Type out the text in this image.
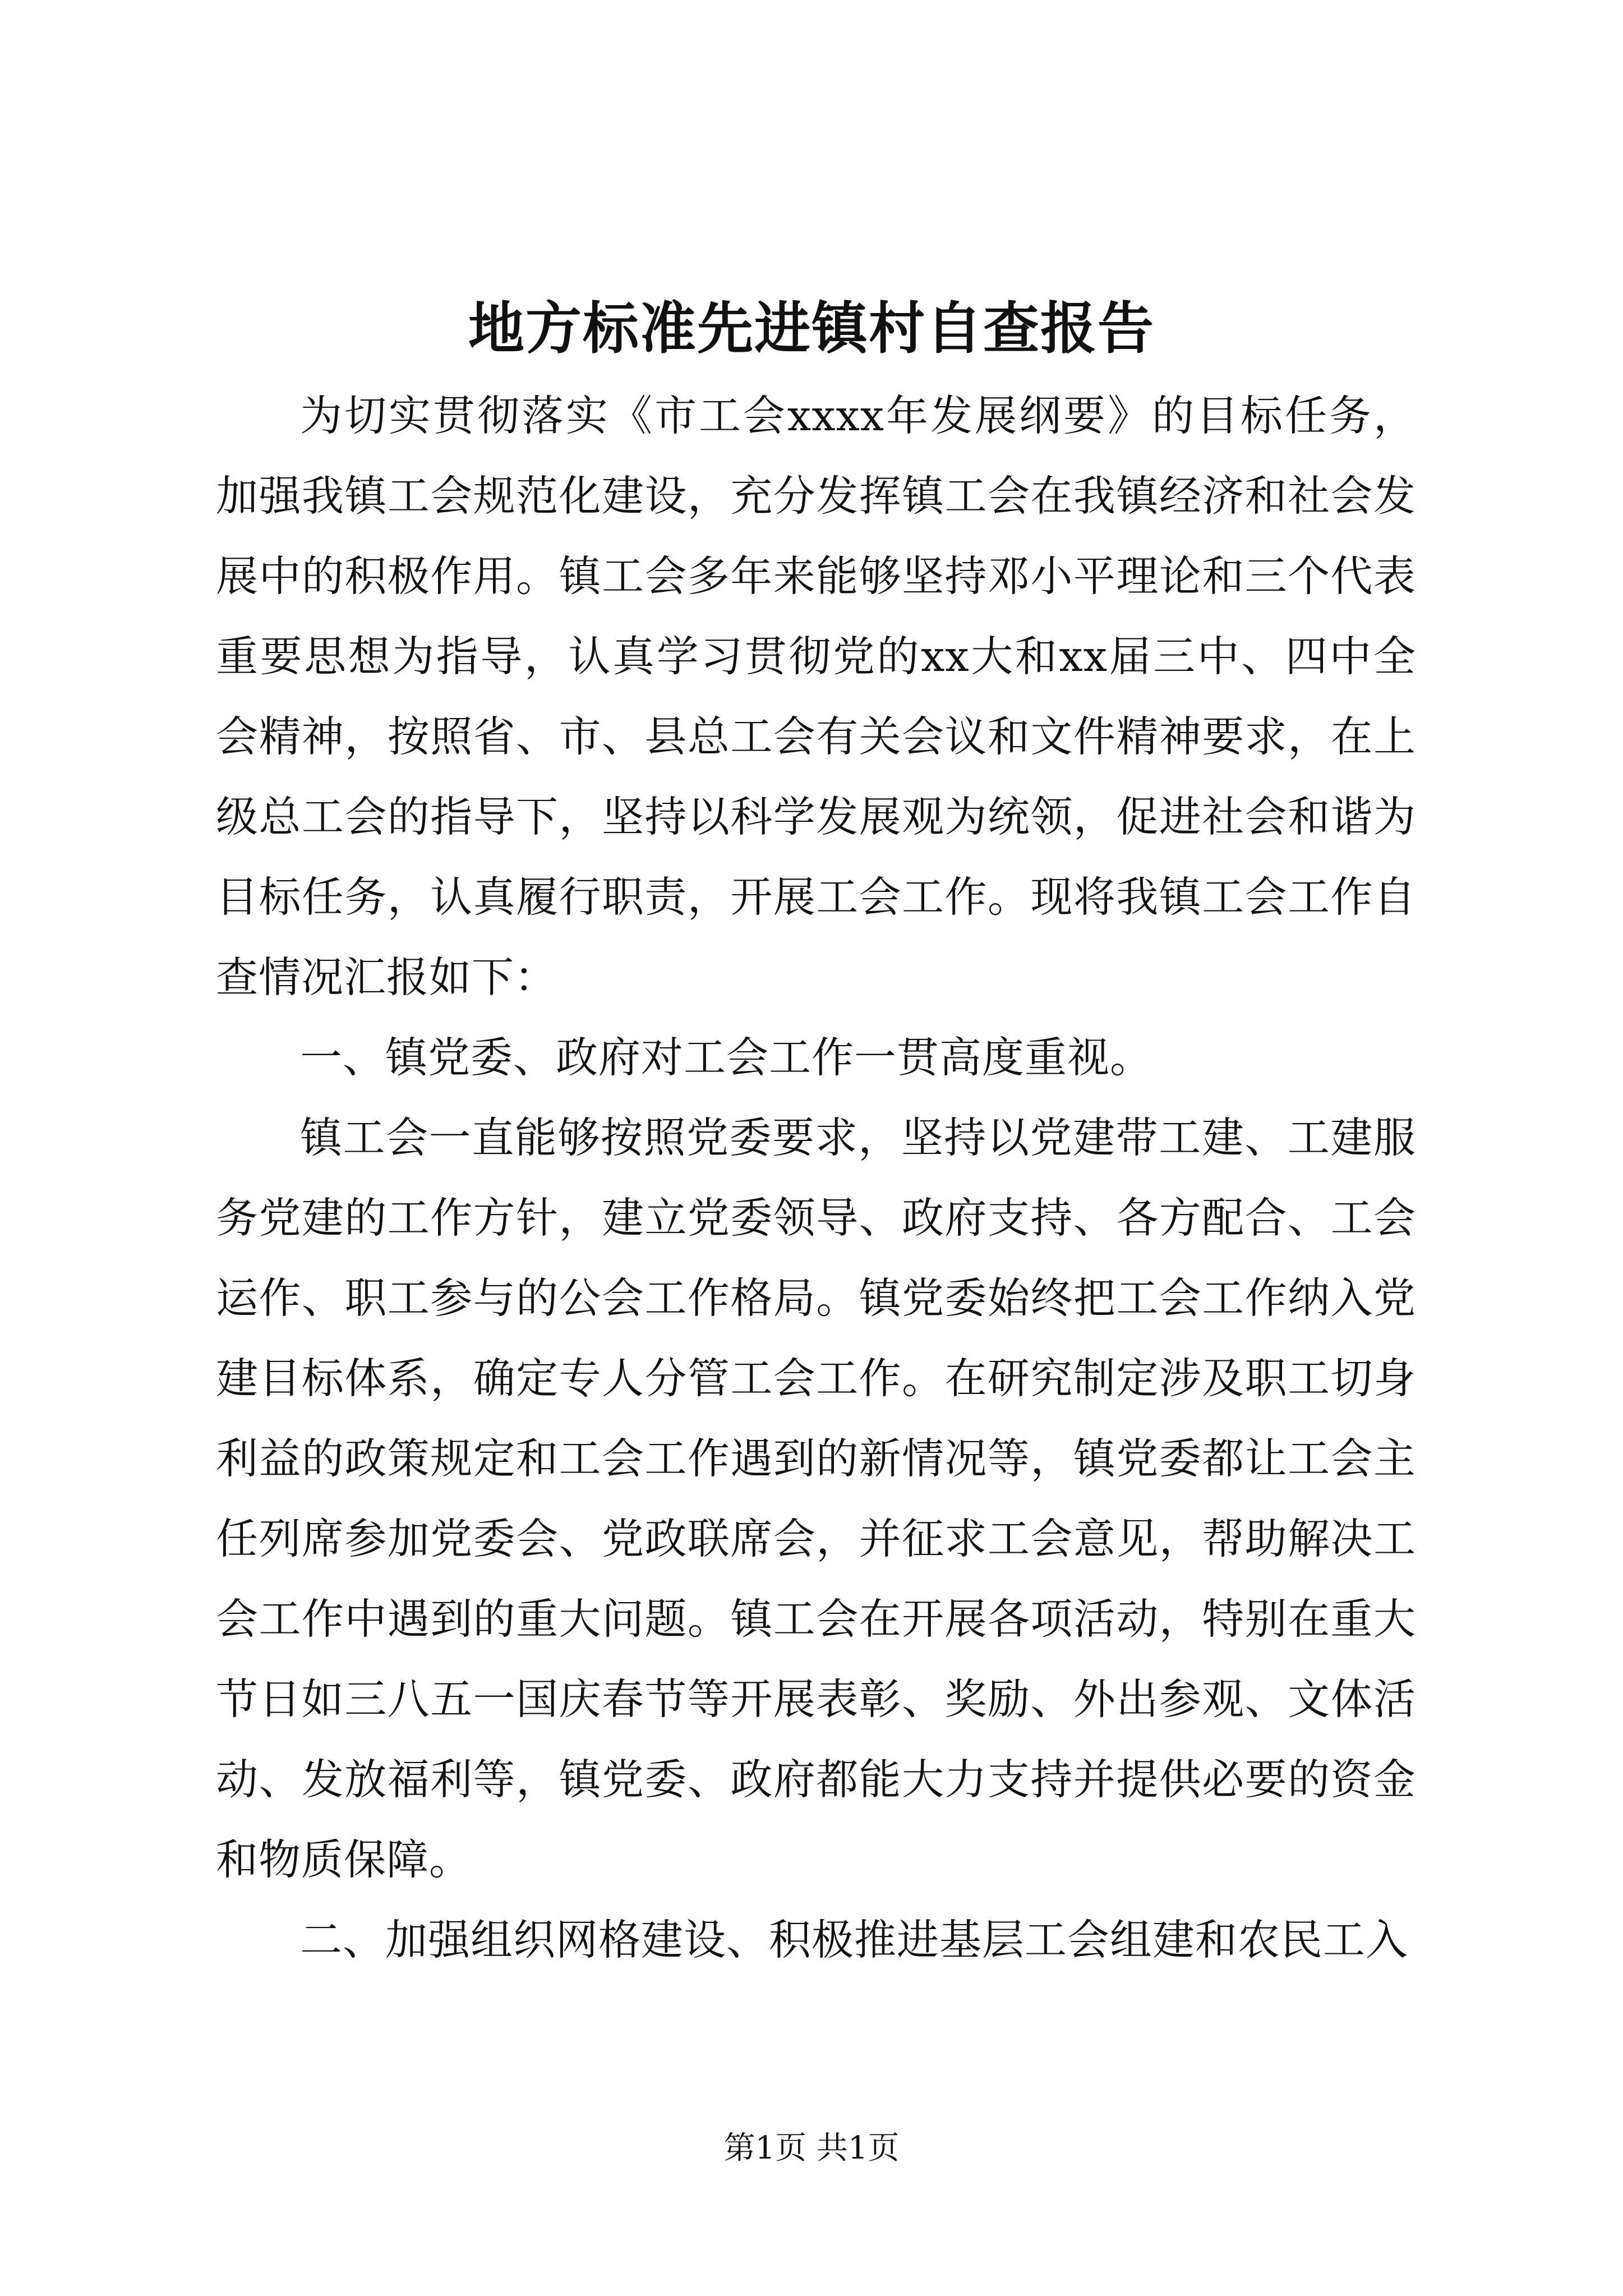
地方标准先进镇村自查报告

为切实贯彻落实《市工会xxxx年发展纲要》的目标任务，加强我镇工会规范化建设，充分发挥镇工会在我镇经济和社会发展中的积极作用。镇工会多年来能够坚持邓小平理论和三个代表重要思想为指导，认真学习贯彻党的xx大和xx届三中、四中全会精神，按照省、市、县总工会有关会议和文件精神要求，在上级总工会的指导下，坚持以科学发展观为统领，促进社会和谐为目标任务，认真履行职责，开展工会工作。现将我镇工会工作自查情况汇报如下：

一、镇党委、政府对工会工作一贯高度重视。

镇工会一直能够按照党委要求，坚持以党建带工建、工建服务党建的工作方针，建立党委领导、政府支持、各方配合、工会运作、职工参与的公会工作格局。镇党委始终把工会工作纳入党建目标体系，确定专人分管工会工作。在研究制定涉及职工切身利益的政策规定和工会工作遇到的新情况等，镇党委都让工会主任列席参加党委会、党政联席会，并征求工会意见，帮助解决工会工作中遇到的重大问题。镇工会在开展各项活动，特别在重大节日如三八五一国庆春节等开展表彰、奖励、外出参观、文体活动、发放福利等，镇党委、政府都能大力支持并提供必要的资金和物质保障。

二、加强组织网格建设、积极推进基层工会组建和农民工入

第1页 共1页
